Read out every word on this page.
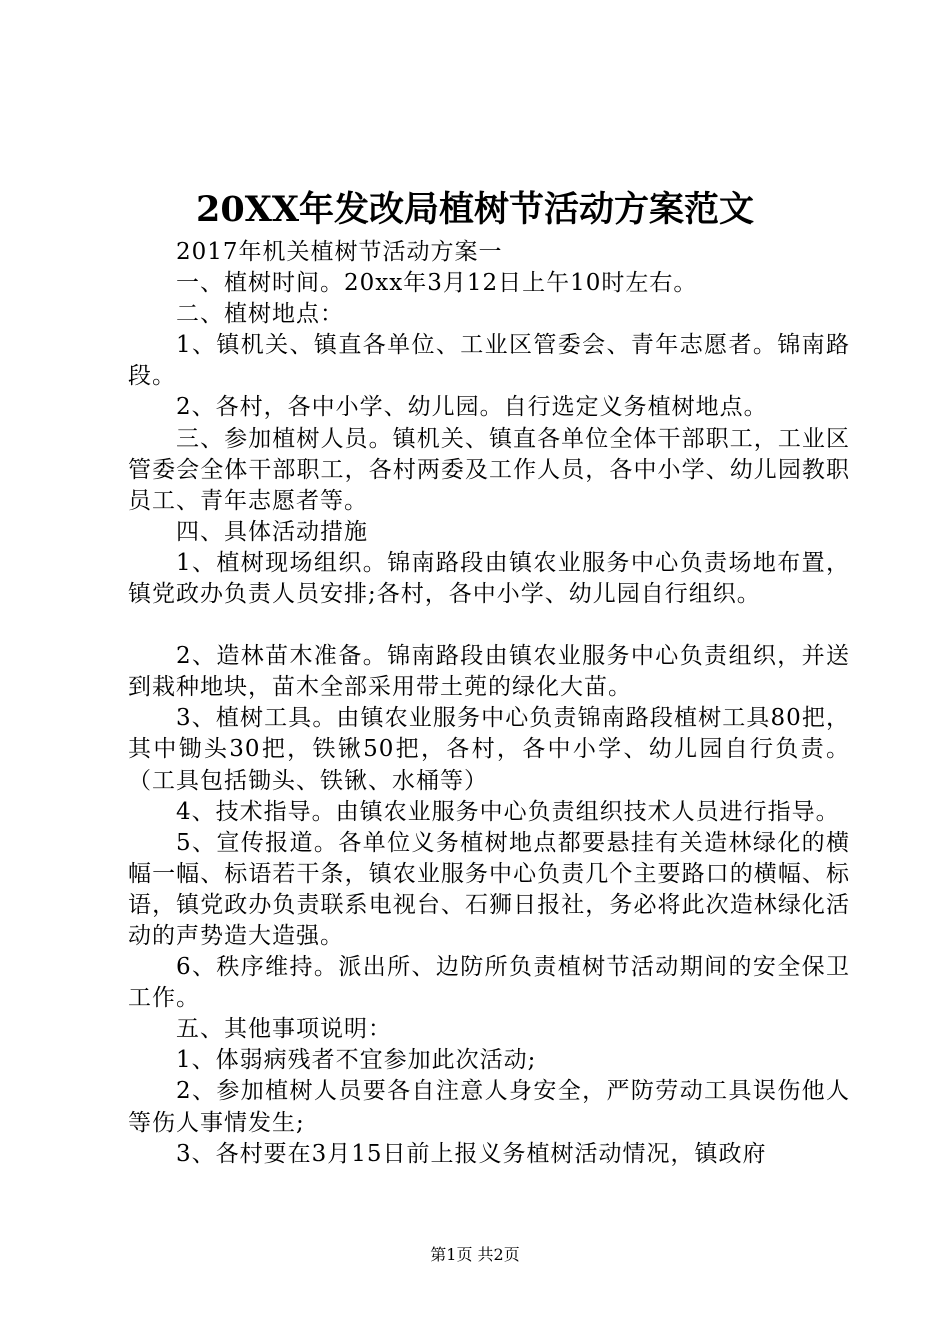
20XX年发改局植树节活动方案范文

2017年机关植树节活动方案一

一、植树时间。20xx年3月12日上午10时左右。

二、植树地点：

1、镇机关、镇直各单位、工业区管委会、青年志愿者。锦南路段。

2、各村，各中小学、幼儿园。自行选定义务植树地点。

三、参加植树人员。镇机关、镇直各单位全体干部职工，工业区管委会全体干部职工，各村两委及工作人员，各中小学、幼儿园教职员工、青年志愿者等。

四、具体活动措施

1、植树现场组织。锦南路段由镇农业服务中心负责场地布置，镇党政办负责人员安排;各村，各中小学、幼儿园自行组织。

2、造林苗木准备。锦南路段由镇农业服务中心负责组织，并送到栽种地块，苗木全部采用带土蔸的绿化大苗。

3、植树工具。由镇农业服务中心负责锦南路段植树工具80把，其中锄头30把，铁锹50把，各村，各中小学、幼儿园自行负责。（工具包括锄头、铁锹、水桶等）

4、技术指导。由镇农业服务中心负责组织技术人员进行指导。

5、宣传报道。各单位义务植树地点都要悬挂有关造林绿化的横幅一幅、标语若干条，镇农业服务中心负责几个主要路口的横幅、标语，镇党政办负责联系电视台、石狮日报社，务必将此次造林绿化活动的声势造大造强。

6、秩序维持。派出所、边防所负责植树节活动期间的安全保卫工作。

五、其他事项说明：

1、体弱病残者不宜参加此次活动;

2、参加植树人员要各自注意人身安全，严防劳动工具误伤他人等伤人事情发生;

3、各村要在3月15日前上报义务植树活动情况，镇政府

第1页 共2页
